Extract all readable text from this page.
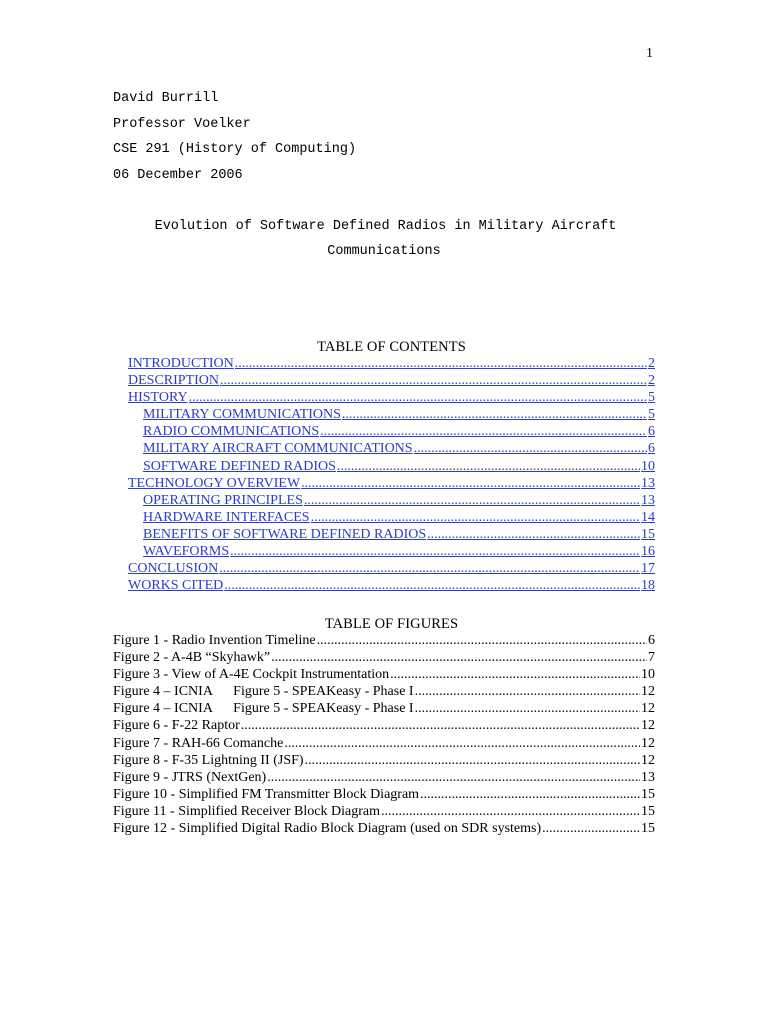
1
David Burrill
Professor Voelker
CSE 291 (History of Computing)
06 December 2006
Evolution of Software Defined Radios in Military Aircraft
Communications
TABLE OF CONTENTS
INTRODUCTION .....	2
DESCRIPTION .....	2
HISTORY .....	5
MILITARY COMMUNICATIONS .....	5
RADIO COMMUNICATIONS .....	6
MILITARY AIRCRAFT COMMUNICATIONS .....	6
SOFTWARE DEFINED RADIOS .....	10
TECHNOLOGY OVERVIEW .....	13
OPERATING PRINCIPLES .....	13
HARDWARE INTERFACES .....	14
BENEFITS OF SOFTWARE DEFINED RADIOS .....	15
WAVEFORMS .....	16
CONCLUSION .....	17
WORKS CITED .....	18
TABLE OF FIGURES
Figure 1 - Radio Invention Timeline .....	6
Figure 2 - A-4B “Skyhawk” .....	7
Figure 3 - View of A-4E Cockpit Instrumentation .....	10
Figure 4 – ICNIA      Figure 5 - SPEAKeasy - Phase I .....	12
Figure 4 – ICNIA      Figure 5 - SPEAKeasy - Phase I .....	12
Figure 6 - F-22 Raptor .....	12
Figure 7 - RAH-66 Comanche .....	12
Figure 8 - F-35 Lightning II (JSF) .....	12
Figure 9 - JTRS (NextGen) .....	13
Figure 10 - Simplified FM Transmitter Block Diagram .....	15
Figure 11 - Simplified Receiver Block Diagram .....	15
Figure 12 - Simplified Digital Radio Block Diagram (used on SDR systems) .....	15
